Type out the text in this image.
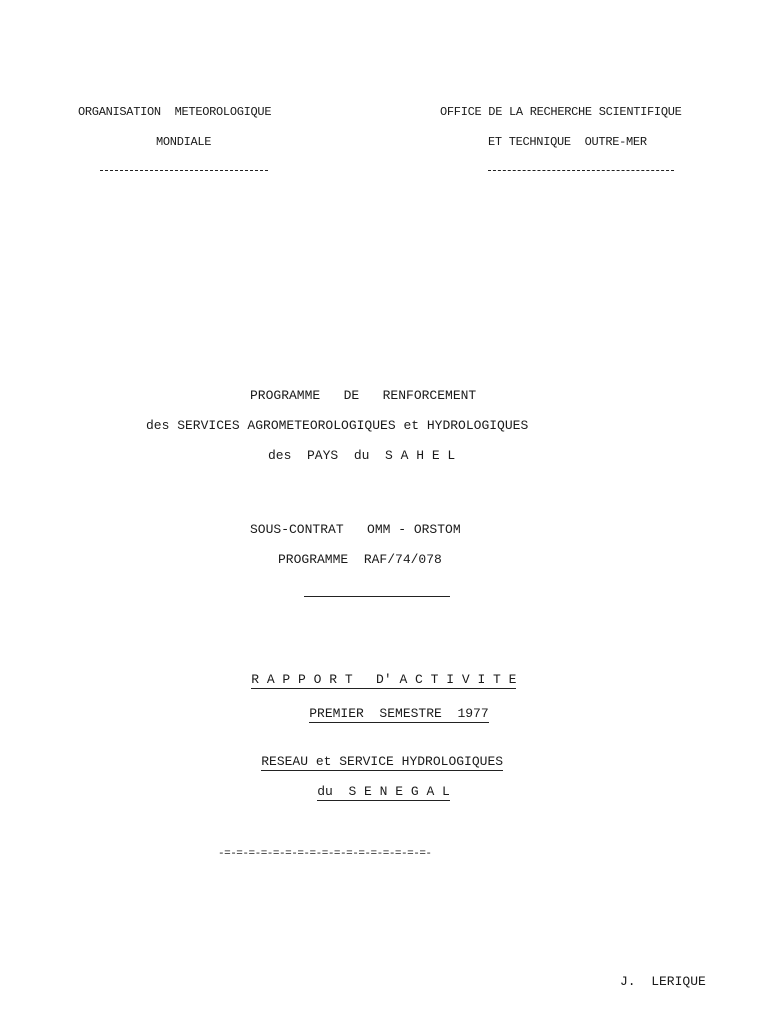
ORGANISATION  METEOROLOGIQUE
MONDIALE
OFFICE DE LA RECHERCHE SCIENTIFIQUE
ET TECHNIQUE  OUTRE-MER
PROGRAMME   DE   RENFORCEMENT
des SERVICES AGROMETEOROLOGIQUES et HYDROLOGIQUES
des  PAYS  du  S A H E L
SOUS-CONTRAT   OMM - ORSTOM
PROGRAMME  RAF/74/078

R A P P O R T   D' A C T I V I T E

PREMIER  SEMESTRE  1977

RESEAU et SERVICE HYDROLOGIQUES

du S E N E G A L

-=-=-=-=-=-=-=-=-=-=-=-=-=-=-=-=-=-
J.  LERIQUE
